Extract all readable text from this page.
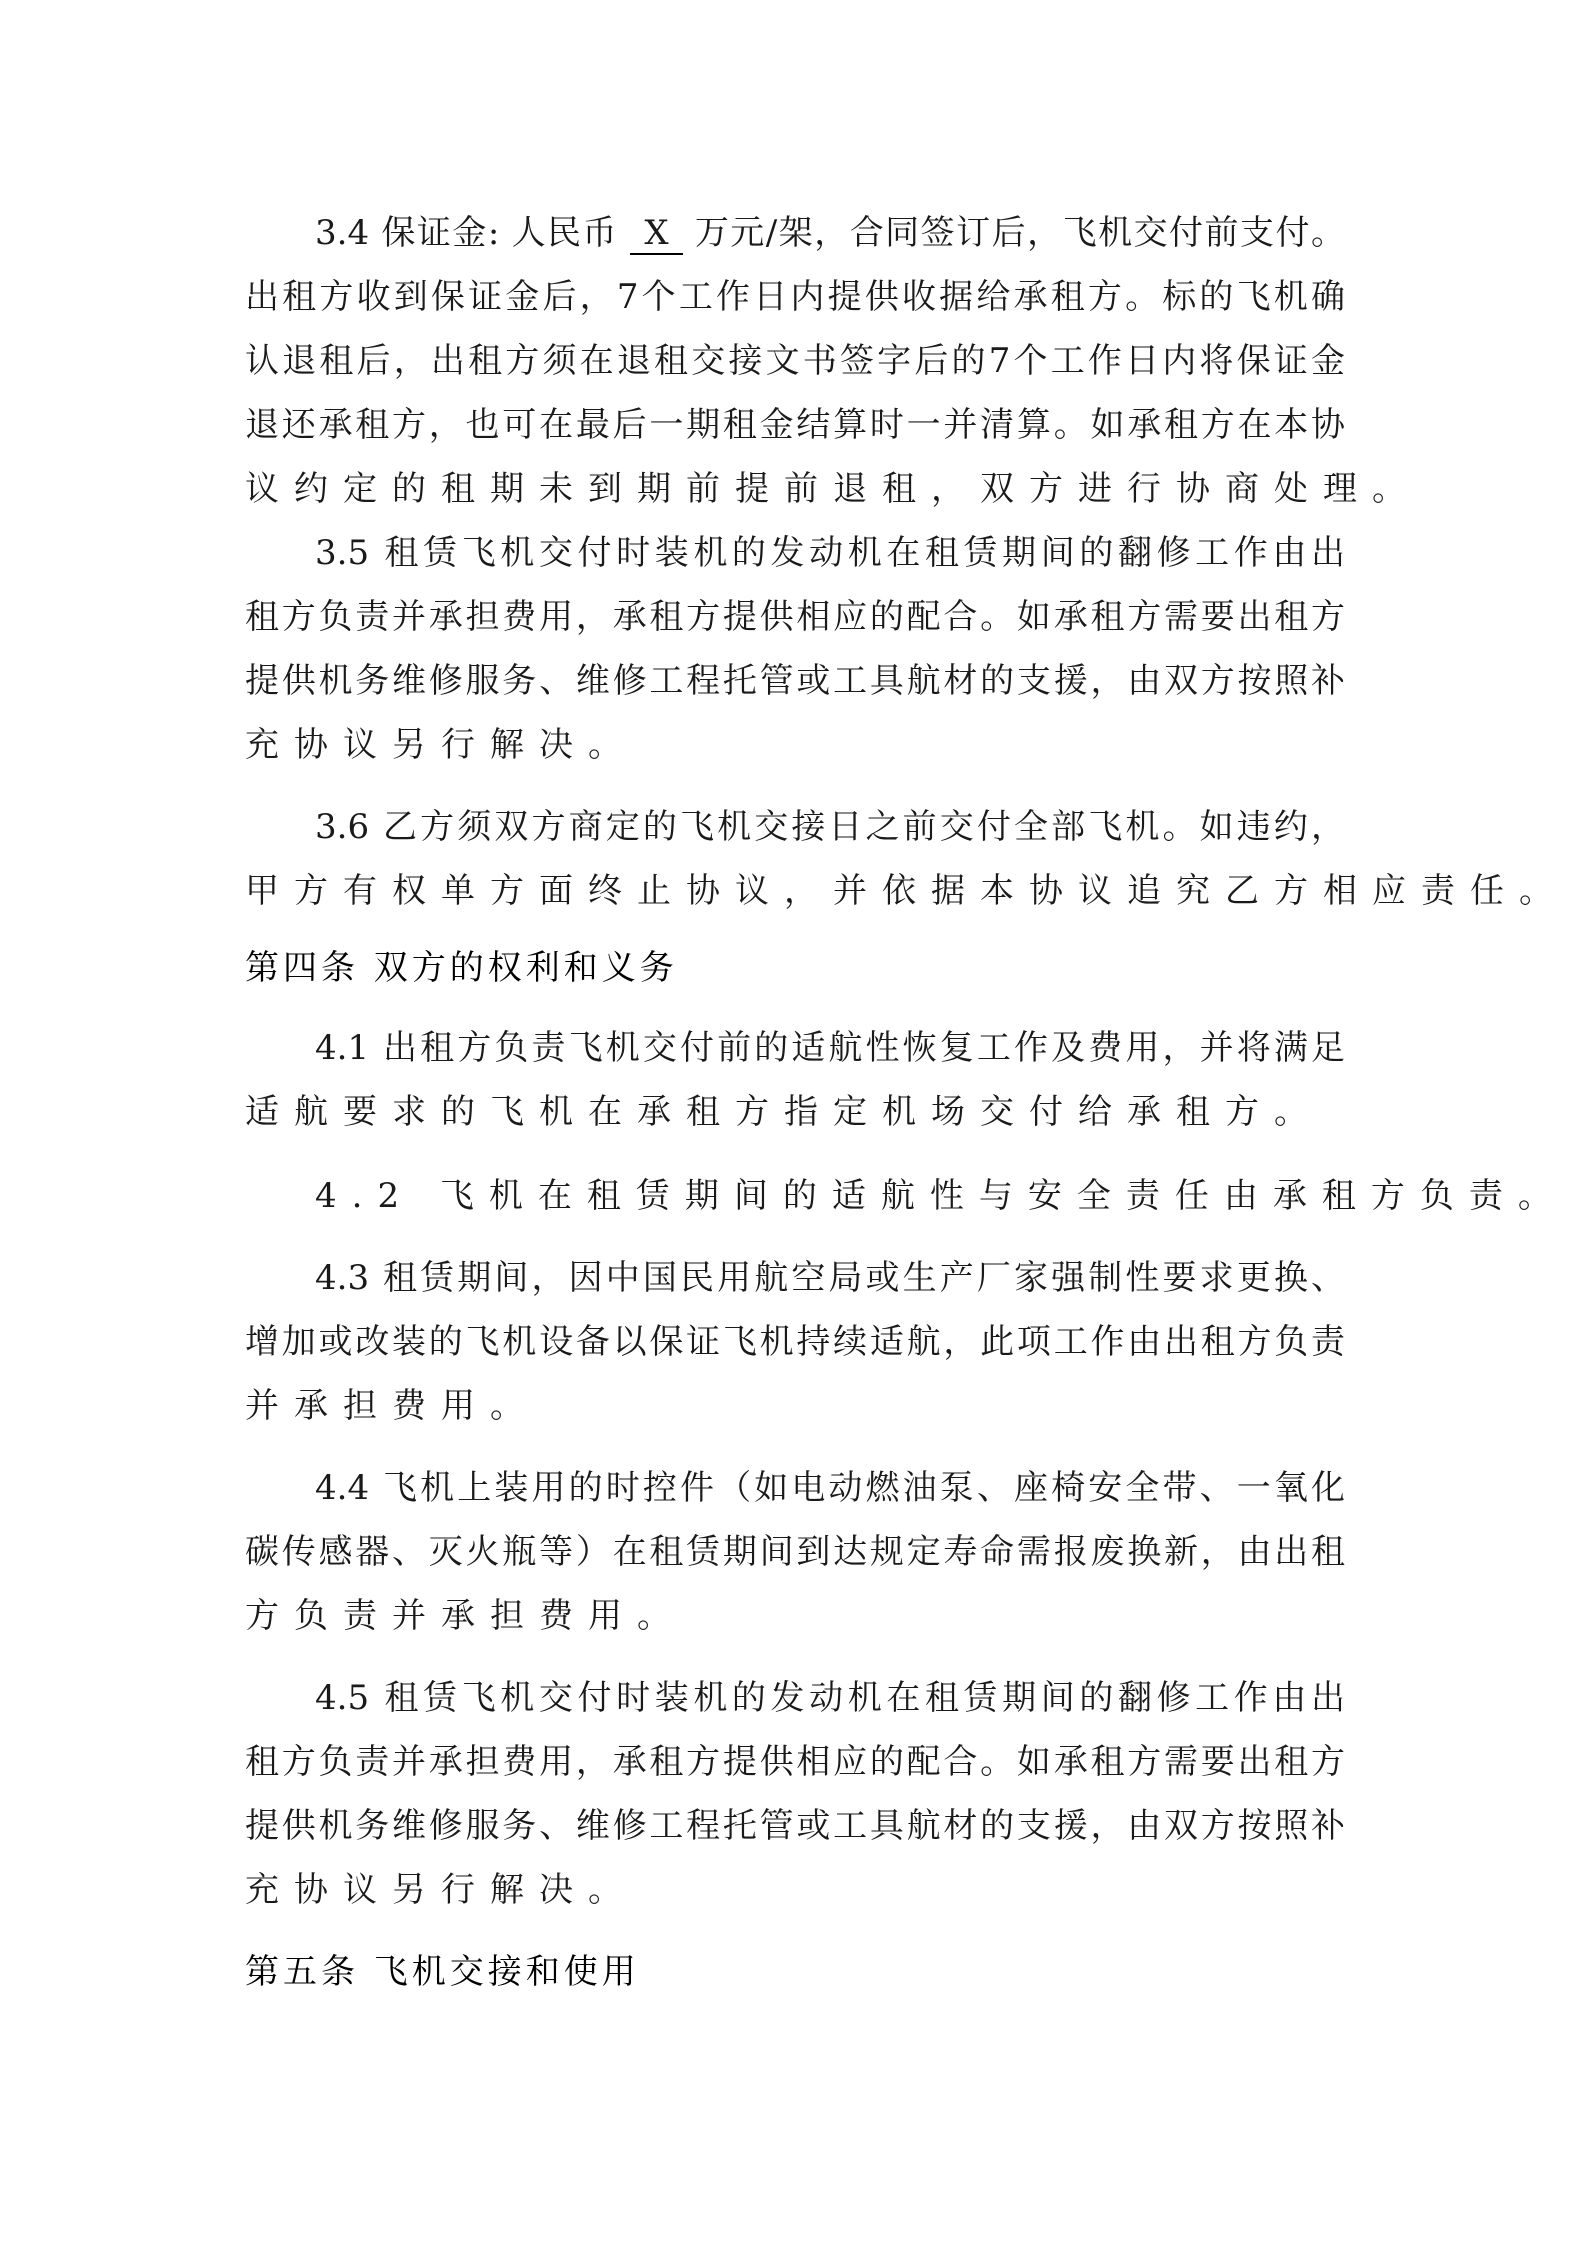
3.4 保证金: 人民币 X 万元/架，合同签订后，飞机交付前支付。
出租方收到保证金后，7个工作日内提供收据给承租方。标的飞机确
认退租后，出租方须在退租交接文书签字后的7个工作日内将保证金
退还承租方，也可在最后一期租金结算时一并清算。如承租方在本协
议约定的租期未到期前提前退租，双方进行协商处理。
3.5 租赁飞机交付时装机的发动机在租赁期间的翻修工作由出
租方负责并承担费用，承租方提供相应的配合。如承租方需要出租方
提供机务维修服务、维修工程托管或工具航材的支援，由双方按照补
充协议另行解决。
3.6 乙方须双方商定的飞机交接日之前交付全部飞机。如违约，
甲方有权单方面终止协议，并依据本协议追究乙方相应责任。
第四条 双方的权利和义务
4.1 出租方负责飞机交付前的适航性恢复工作及费用，并将满足
适航要求的飞机在承租方指定机场交付给承租方。
4.2 飞机在租赁期间的适航性与安全责任由承租方负责。
4.3 租赁期间，因中国民用航空局或生产厂家强制性要求更换、
增加或改装的飞机设备以保证飞机持续适航，此项工作由出租方负责
并承担费用。
4.4 飞机上装用的时控件（如电动燃油泵、座椅安全带、一氧化
碳传感器、灭火瓶等）在租赁期间到达规定寿命需报废换新，由出租
方负责并承担费用。
4.5 租赁飞机交付时装机的发动机在租赁期间的翻修工作由出
租方负责并承担费用，承租方提供相应的配合。如承租方需要出租方
提供机务维修服务、维修工程托管或工具航材的支援，由双方按照补
充协议另行解决。
第五条 飞机交接和使用
